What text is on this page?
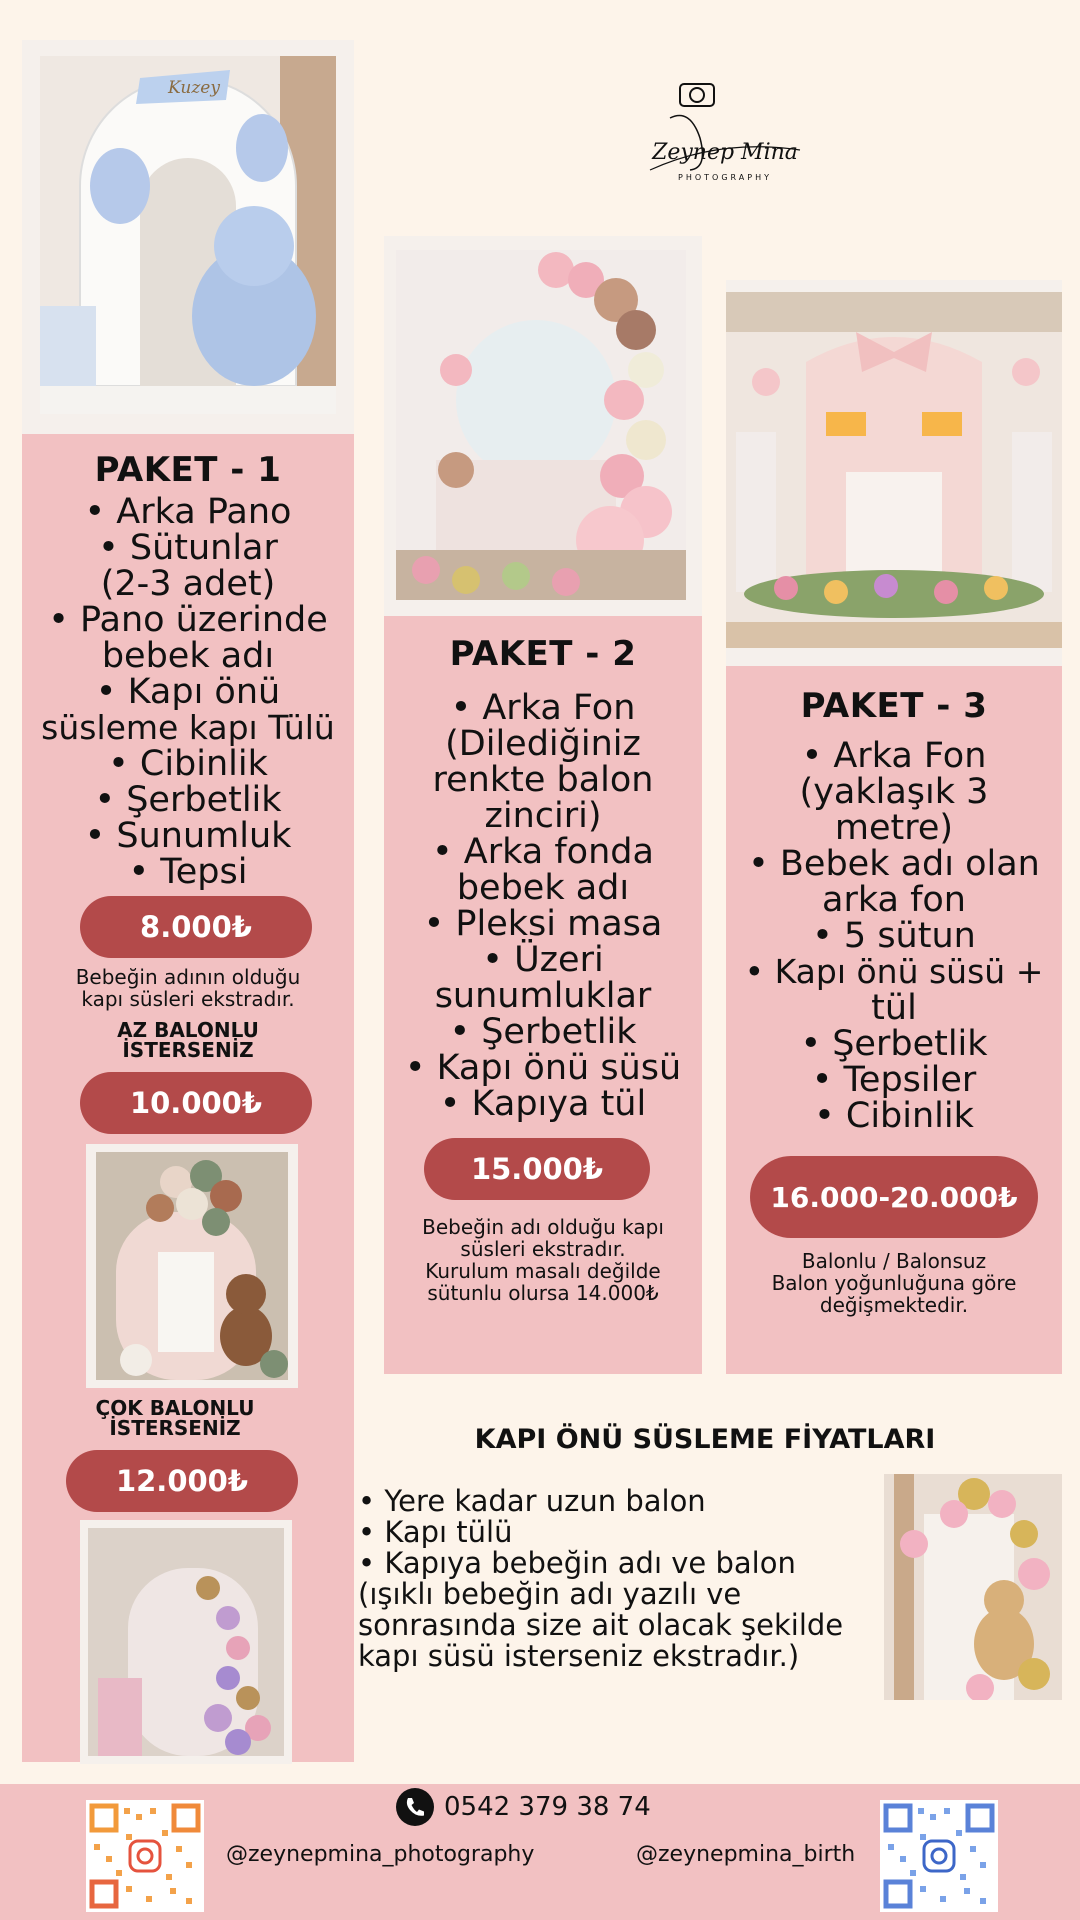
Zeynep Mina
PHOTOGRAPHY
Kuzey
PAKET - 1
• Arka Pano
• Sütunlar
(2-3 adet)
• Pano üzerinde
bebek adı
• Kapı önü
süsleme kapı Tülü
• Cibinlik
• Şerbetlik
• Sunumluk
• Tepsi
8.000₺
Bebeğin adının olduğu
kapı süsleri ekstradır.
AZ BALONLU
İSTERSENİZ
10.000₺
ÇOK BALONLU
İSTERSENİZ
12.000₺
PAKET - 2
• Arka Fon
(Dilediğiniz
renkte balon
zinciri)
• Arka fonda
bebek adı
• Pleksi masa
• Üzeri
sunumluklar
• Şerbetlik
• Kapı önü süsü
• Kapıya tül
15.000₺
Bebeğin adı olduğu kapı
süsleri ekstradır.
Kurulum masalı değilde
sütunlu olursa 14.000₺
PAKET - 3
• Arka Fon
(yaklaşık 3
metre)
• Bebek adı olan
arka fon
• 5 sütun
• Kapı önü süsü +
tül
• Şerbetlik
• Tepsiler
• Cibinlik
16.000-20.000₺
Balonlu / Balonsuz
Balon yoğunluğuna göre
değişmektedir.
KAPI ÖNÜ SÜSLEME FİYATLARI
• Yere kadar uzun balon
• Kapı tülü
• Kapıya bebeğin adı ve balon
(ışıklı bebeğin adı yazılı ve
sonrasında size ait olacak şekilde
kapı süsü isterseniz ekstradır.)
0542 379 38 74
@zeynepmina_photography	@zeynepmina_birth
